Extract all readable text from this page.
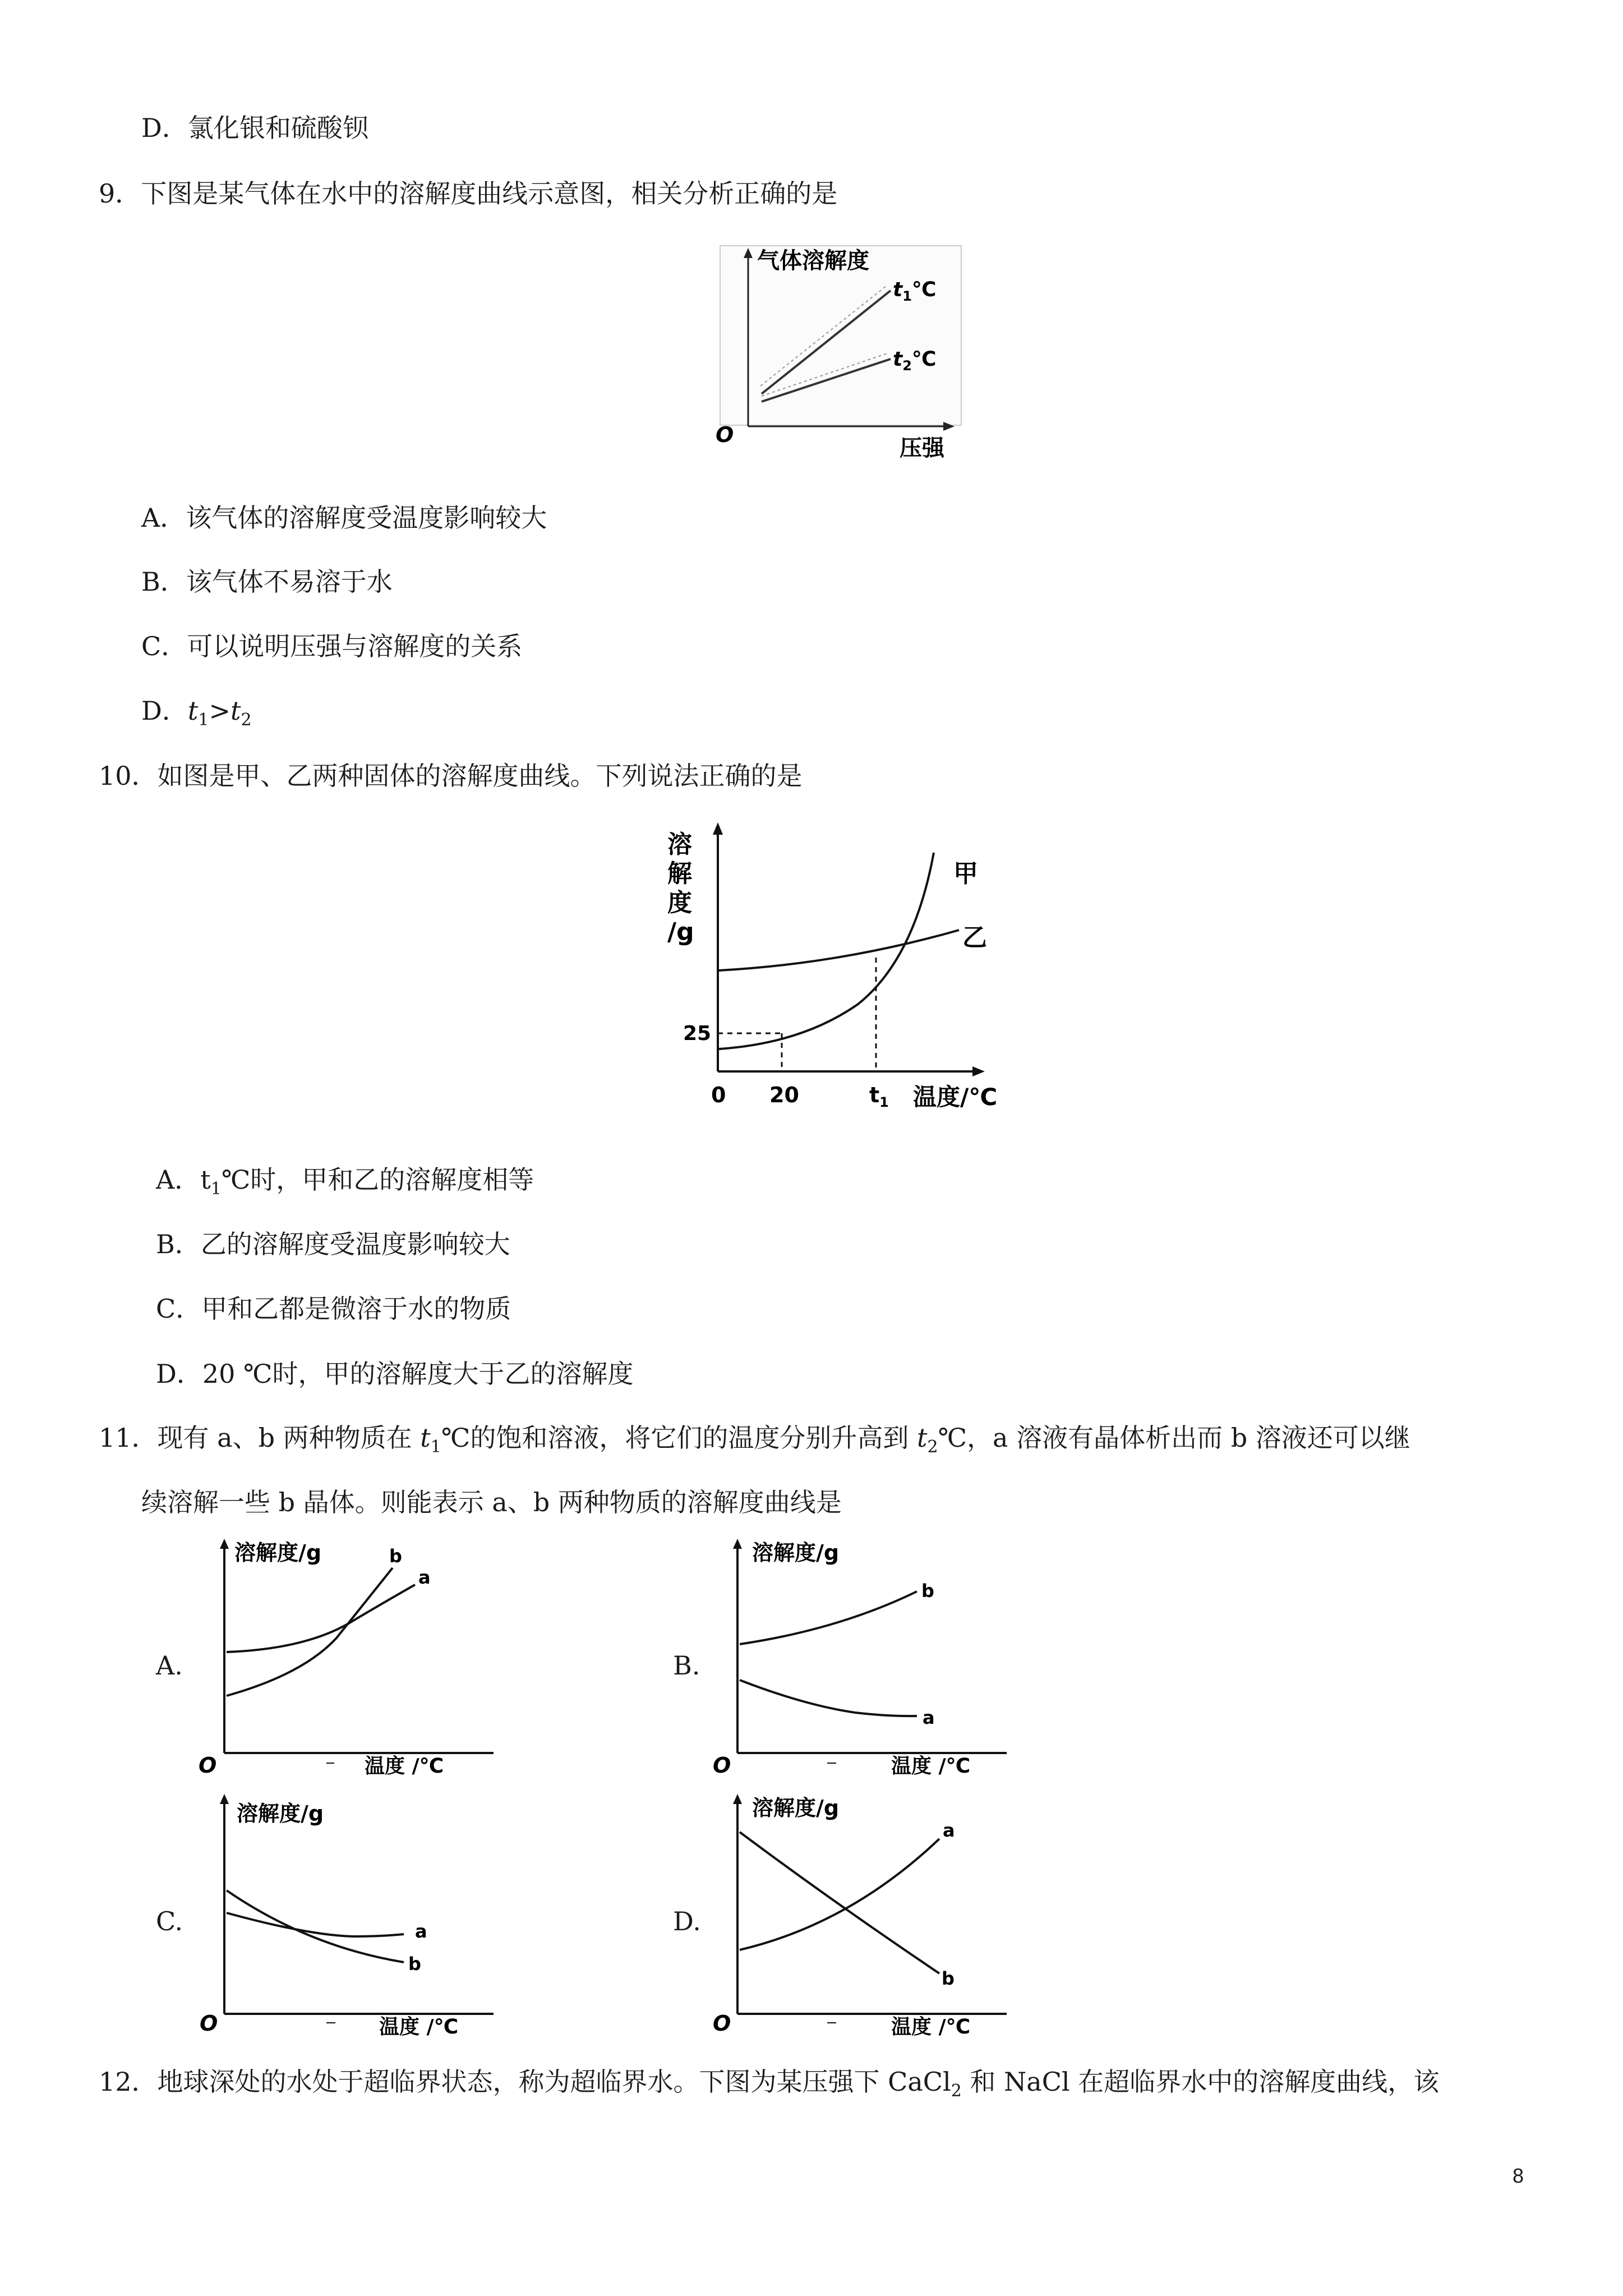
D．氯化银和硫酸钡
9．下图是某气体在水中的溶解度曲线示意图，相关分析正确的是
气体溶解度
O
压强
$t_1℃$
$t_2℃$
A．该气体的溶解度受温度影响较大
B．该气体不易溶于水
C．可以说明压强与溶解度的关系
D．$t_1>t_2$
10．如图是甲、乙两种固体的溶解度曲线。下列说法正确的是
溶
解
度
/g
25
0 20	$t_1$ 温度/℃
甲
乙
A．$t_1℃$时，甲和乙的溶解度相等
B．乙的溶解度受温度影响较大
C．甲和乙都是微溶于水的物质
D．20 ℃时，甲的溶解度大于乙的溶解度
11．现有 a、b 两种物质在 $t_1℃$的饱和溶液，将它们的温度分别升高到 $t_2℃$，a 溶液有晶体析出而 b 溶液还可以继
续溶解一些 b 晶体。则能表示 a、b 两种物质的溶解度曲线是
A.
溶解度/g
O	温度 /℃
b
a
B.
溶解度/g
O	温度 /℃
b
a
C.
溶解度/g
O	温度 /℃
a
b
D.
溶解度/g
O	温度 /℃
a
b
12．地球深处的水处于超临界状态，称为超临界水。下图为某压强下 CaCl$_2$ 和 NaCl 在超临界水中的溶解度曲线，该
8
